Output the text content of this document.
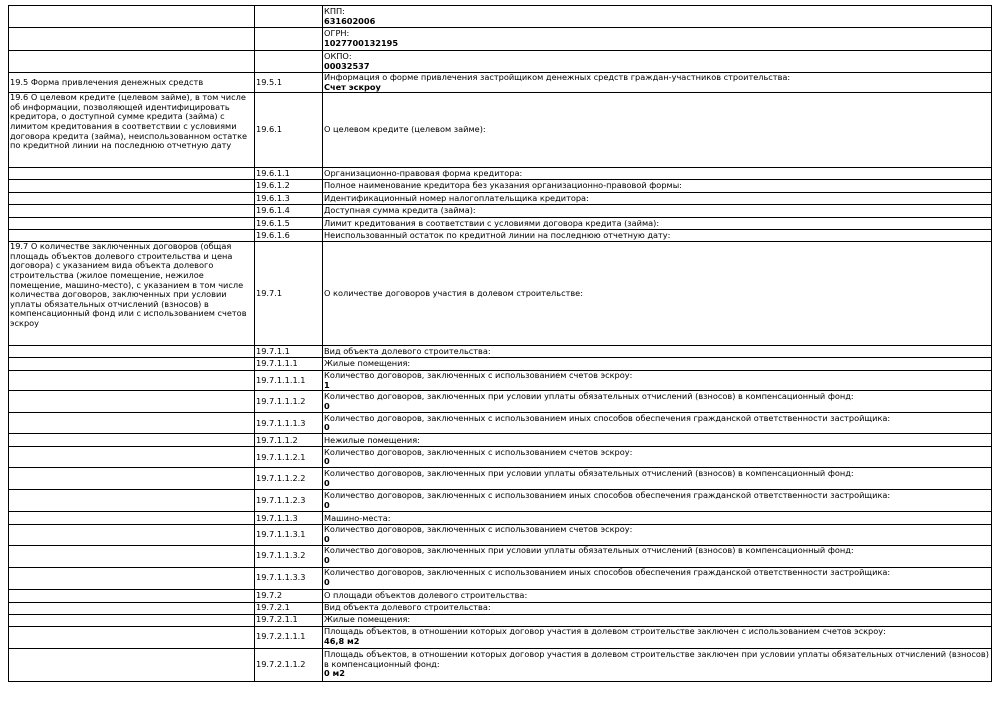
		КПП:
631602006

		ОГРН:
1027700132195

		ОКПО:
00032537

19.5 Форма привлечения денежных средств	19.5.1	Информация о форме привлечения застройщиком денежных средств граждан-участников строительства:
Счет эскроу

19.6 О целевом кредите (целевом займе), в том числе об информации, позволяющей идентифицировать кредитора, о доступной сумме кредита (займа) с лимитом кредитования в соответствии с условиями договора кредита (займа), неиспользованном остатке по кредитной линии на последнюю отчетную дату	19.6.1	О целевом кредите (целевом займе):

	19.6.1.1	Организационно-правовая форма кредитора:

	19.6.1.2	Полное наименование кредитора без указания организационно-правовой формы:

	19.6.1.3	Идентификационный номер налогоплательщика кредитора:

	19.6.1.4	Доступная сумма кредита (займа):

	19.6.1.5	Лимит кредитования в соответствии с условиями договора кредита (займа):

	19.6.1.6	Неиспользованный остаток по кредитной линии на последнюю отчетную дату:

19.7 О количестве заключенных договоров (общая площадь объектов долевого строительства и цена договора) с указанием вида объекта долевого строительства (жилое помещение, нежилое помещение, машино-место), с указанием в том числе количества договоров, заключенных при условии уплаты обязательных отчислений (взносов) в компенсационный фонд или с использованием счетов эскроу	19.7.1	О количестве договоров участия в долевом строительстве:

	19.7.1.1	Вид объекта долевого строительства:

	19.7.1.1.1	Жилые помещения:

	19.7.1.1.1.1	Количество договоров, заключенных с использованием счетов эскроу:
1

	19.7.1.1.1.2	Количество договоров, заключенных при условии уплаты обязательных отчислений (взносов) в компенсационный фонд:
0

	19.7.1.1.1.3	Количество договоров, заключенных с использованием иных способов обеспечения гражданской ответственности застройщика:
0

	19.7.1.1.2	Нежилые помещения:

	19.7.1.1.2.1	Количество договоров, заключенных с использованием счетов эскроу:
0

	19.7.1.1.2.2	Количество договоров, заключенных при условии уплаты обязательных отчислений (взносов) в компенсационный фонд:
0

	19.7.1.1.2.3	Количество договоров, заключенных с использованием иных способов обеспечения гражданской ответственности застройщика:
0

	19.7.1.1.3	Машино-места:

	19.7.1.1.3.1	Количество договоров, заключенных с использованием счетов эскроу:
0

	19.7.1.1.3.2	Количество договоров, заключенных при условии уплаты обязательных отчислений (взносов) в компенсационный фонд:
0

	19.7.1.1.3.3	Количество договоров, заключенных с использованием иных способов обеспечения гражданской ответственности застройщика:
0

	19.7.2	О площади объектов долевого строительства:

	19.7.2.1	Вид объекта долевого строительства:

	19.7.2.1.1	Жилые помещения:

	19.7.2.1.1.1	Площадь объектов, в отношении которых договор участия в долевом строительстве заключен с использованием счетов эскроу:
46,8 м2

	19.7.2.1.1.2	Площадь объектов, в отношении которых договор участия в долевом строительстве заключен при условии уплаты обязательных отчислений (взносов) в компенсационный фонд:
0 м2
